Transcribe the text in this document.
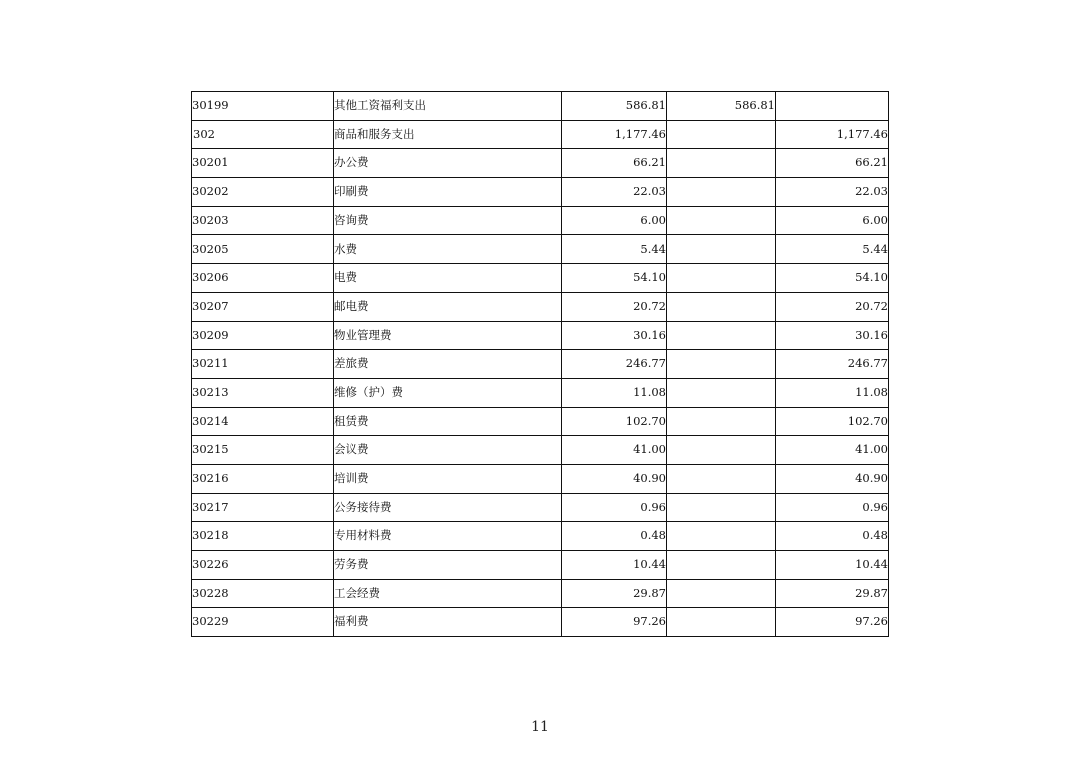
30199	其他工资福利支出	586.81	586.81	
302	商品和服务支出	1,177.46		1,177.46
30201	办公费	66.21		66.21
30202	印刷费	22.03		22.03
30203	咨询费	6.00		6.00
30205	水费	5.44		5.44
30206	电费	54.10		54.10
30207	邮电费	20.72		20.72
30209	物业管理费	30.16		30.16
30211	差旅费	246.77		246.77
30213	维修（护）费	11.08		11.08
30214	租赁费	102.70		102.70
30215	会议费	41.00		41.00
30216	培训费	40.90		40.90
30217	公务接待费	0.96		0.96
30218	专用材料费	0.48		0.48
30226	劳务费	10.44		10.44
30228	工会经费	29.87		29.87
30229	福利费	97.26		97.26
11
